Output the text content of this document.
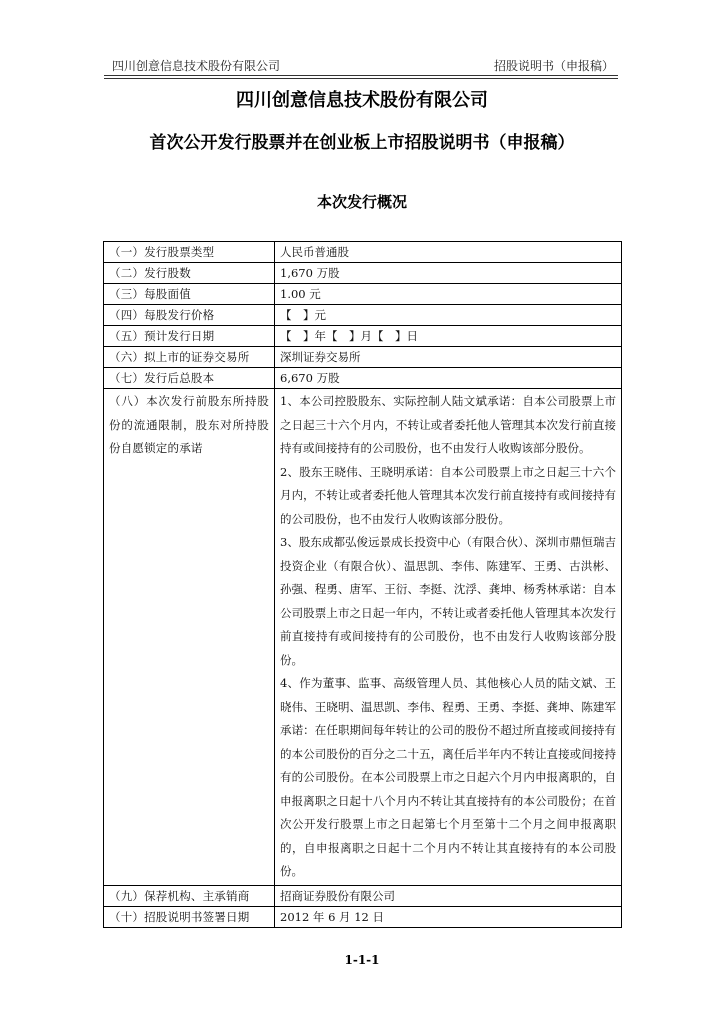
四川创意信息技术股份有限公司	招股说明书（申报稿）
四川创意信息技术股份有限公司
首次公开发行股票并在创业板上市招股说明书（申报稿）
本次发行概况
（一）发行股票类型	人民币普通股
（二）发行股数	1,670 万股
（三）每股面值	1.00 元
（四）每股发行价格	【　】元
（五）预计发行日期	【　】年【　】月【　】日
（六）拟上市的证券交易所	深圳证券交易所
（七）发行后总股本	6,670 万股
（八）本次发行前股东所持股份的流通限制，股东对所持股份自愿锁定的承诺	1、本公司控股股东、实际控制人陆文斌承诺：自本公司股票上市之日起三十六个月内，不转让或者委托他人管理其本次发行前直接持有或间接持有的公司股份，也不由发行人收购该部分股份。

2、股东王晓伟、王晓明承诺：自本公司股票上市之日起三十六个月内，不转让或者委托他人管理其本次发行前直接持有或间接持有的公司股份，也不由发行人收购该部分股份。

3、股东成都弘俊远景成长投资中心（有限合伙）、深圳市鼎恒瑞吉投资企业（有限合伙）、温思凯、李伟、陈建军、王勇、古洪彬、孙强、程勇、唐军、王衍、李挺、沈浮、龚坤、杨秀林承诺：自本公司股票上市之日起一年内，不转让或者委托他人管理其本次发行前直接持有或间接持有的公司股份，也不由发行人收购该部分股份。

4、作为董事、监事、高级管理人员、其他核心人员的陆文斌、王晓伟、王晓明、温思凯、李伟、程勇、王勇、李挺、龚坤、陈建军承诺：在任职期间每年转让的公司的股份不超过所直接或间接持有的本公司股份的百分之二十五，离任后半年内不转让直接或间接持有的公司股份。在本公司股票上市之日起六个月内申报离职的，自申报离职之日起十八个月内不转让其直接持有的本公司股份；在首次公开发行股票上市之日起第七个月至第十二个月之间申报离职的，自申报离职之日起十二个月内不转让其直接持有的本公司股份。

（九）保荐机构、主承销商	招商证券股份有限公司
（十）招股说明书签署日期	2012 年 6 月 12 日
1-1-1
